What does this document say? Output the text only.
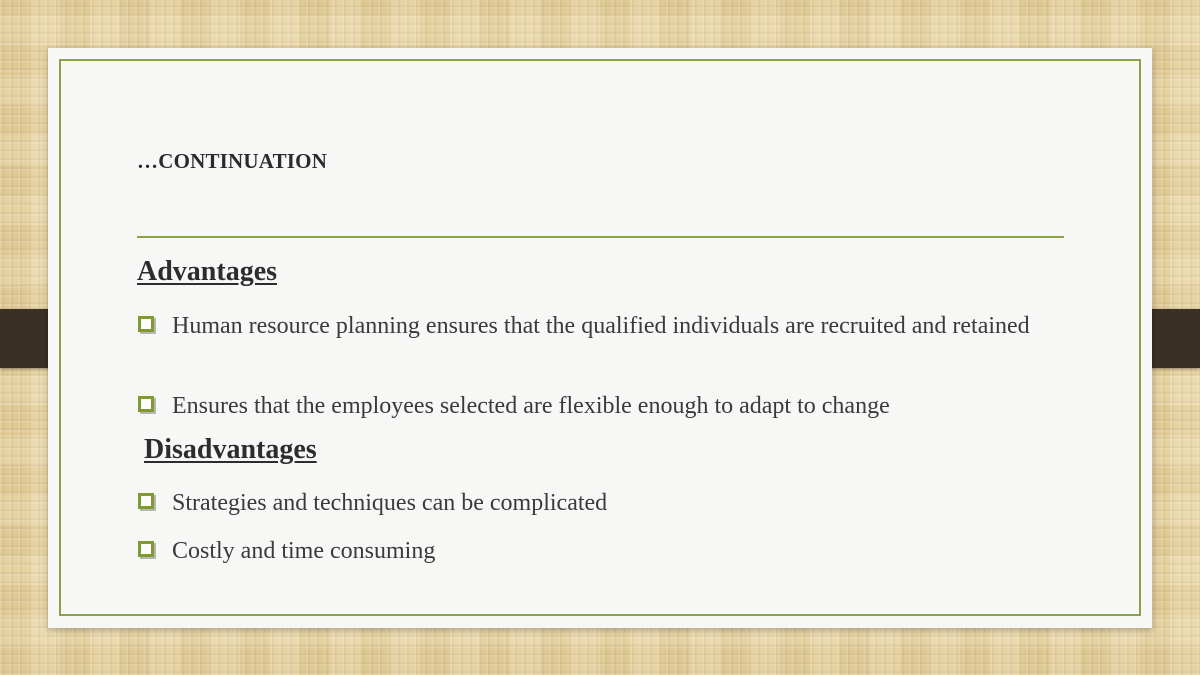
…CONTINUATION
Advantages
Human resource planning ensures that the qualified individuals are recruited and retained
Ensures that the employees selected are flexible enough to adapt to change
Disadvantages
Strategies and techniques can be complicated
Costly and time consuming
